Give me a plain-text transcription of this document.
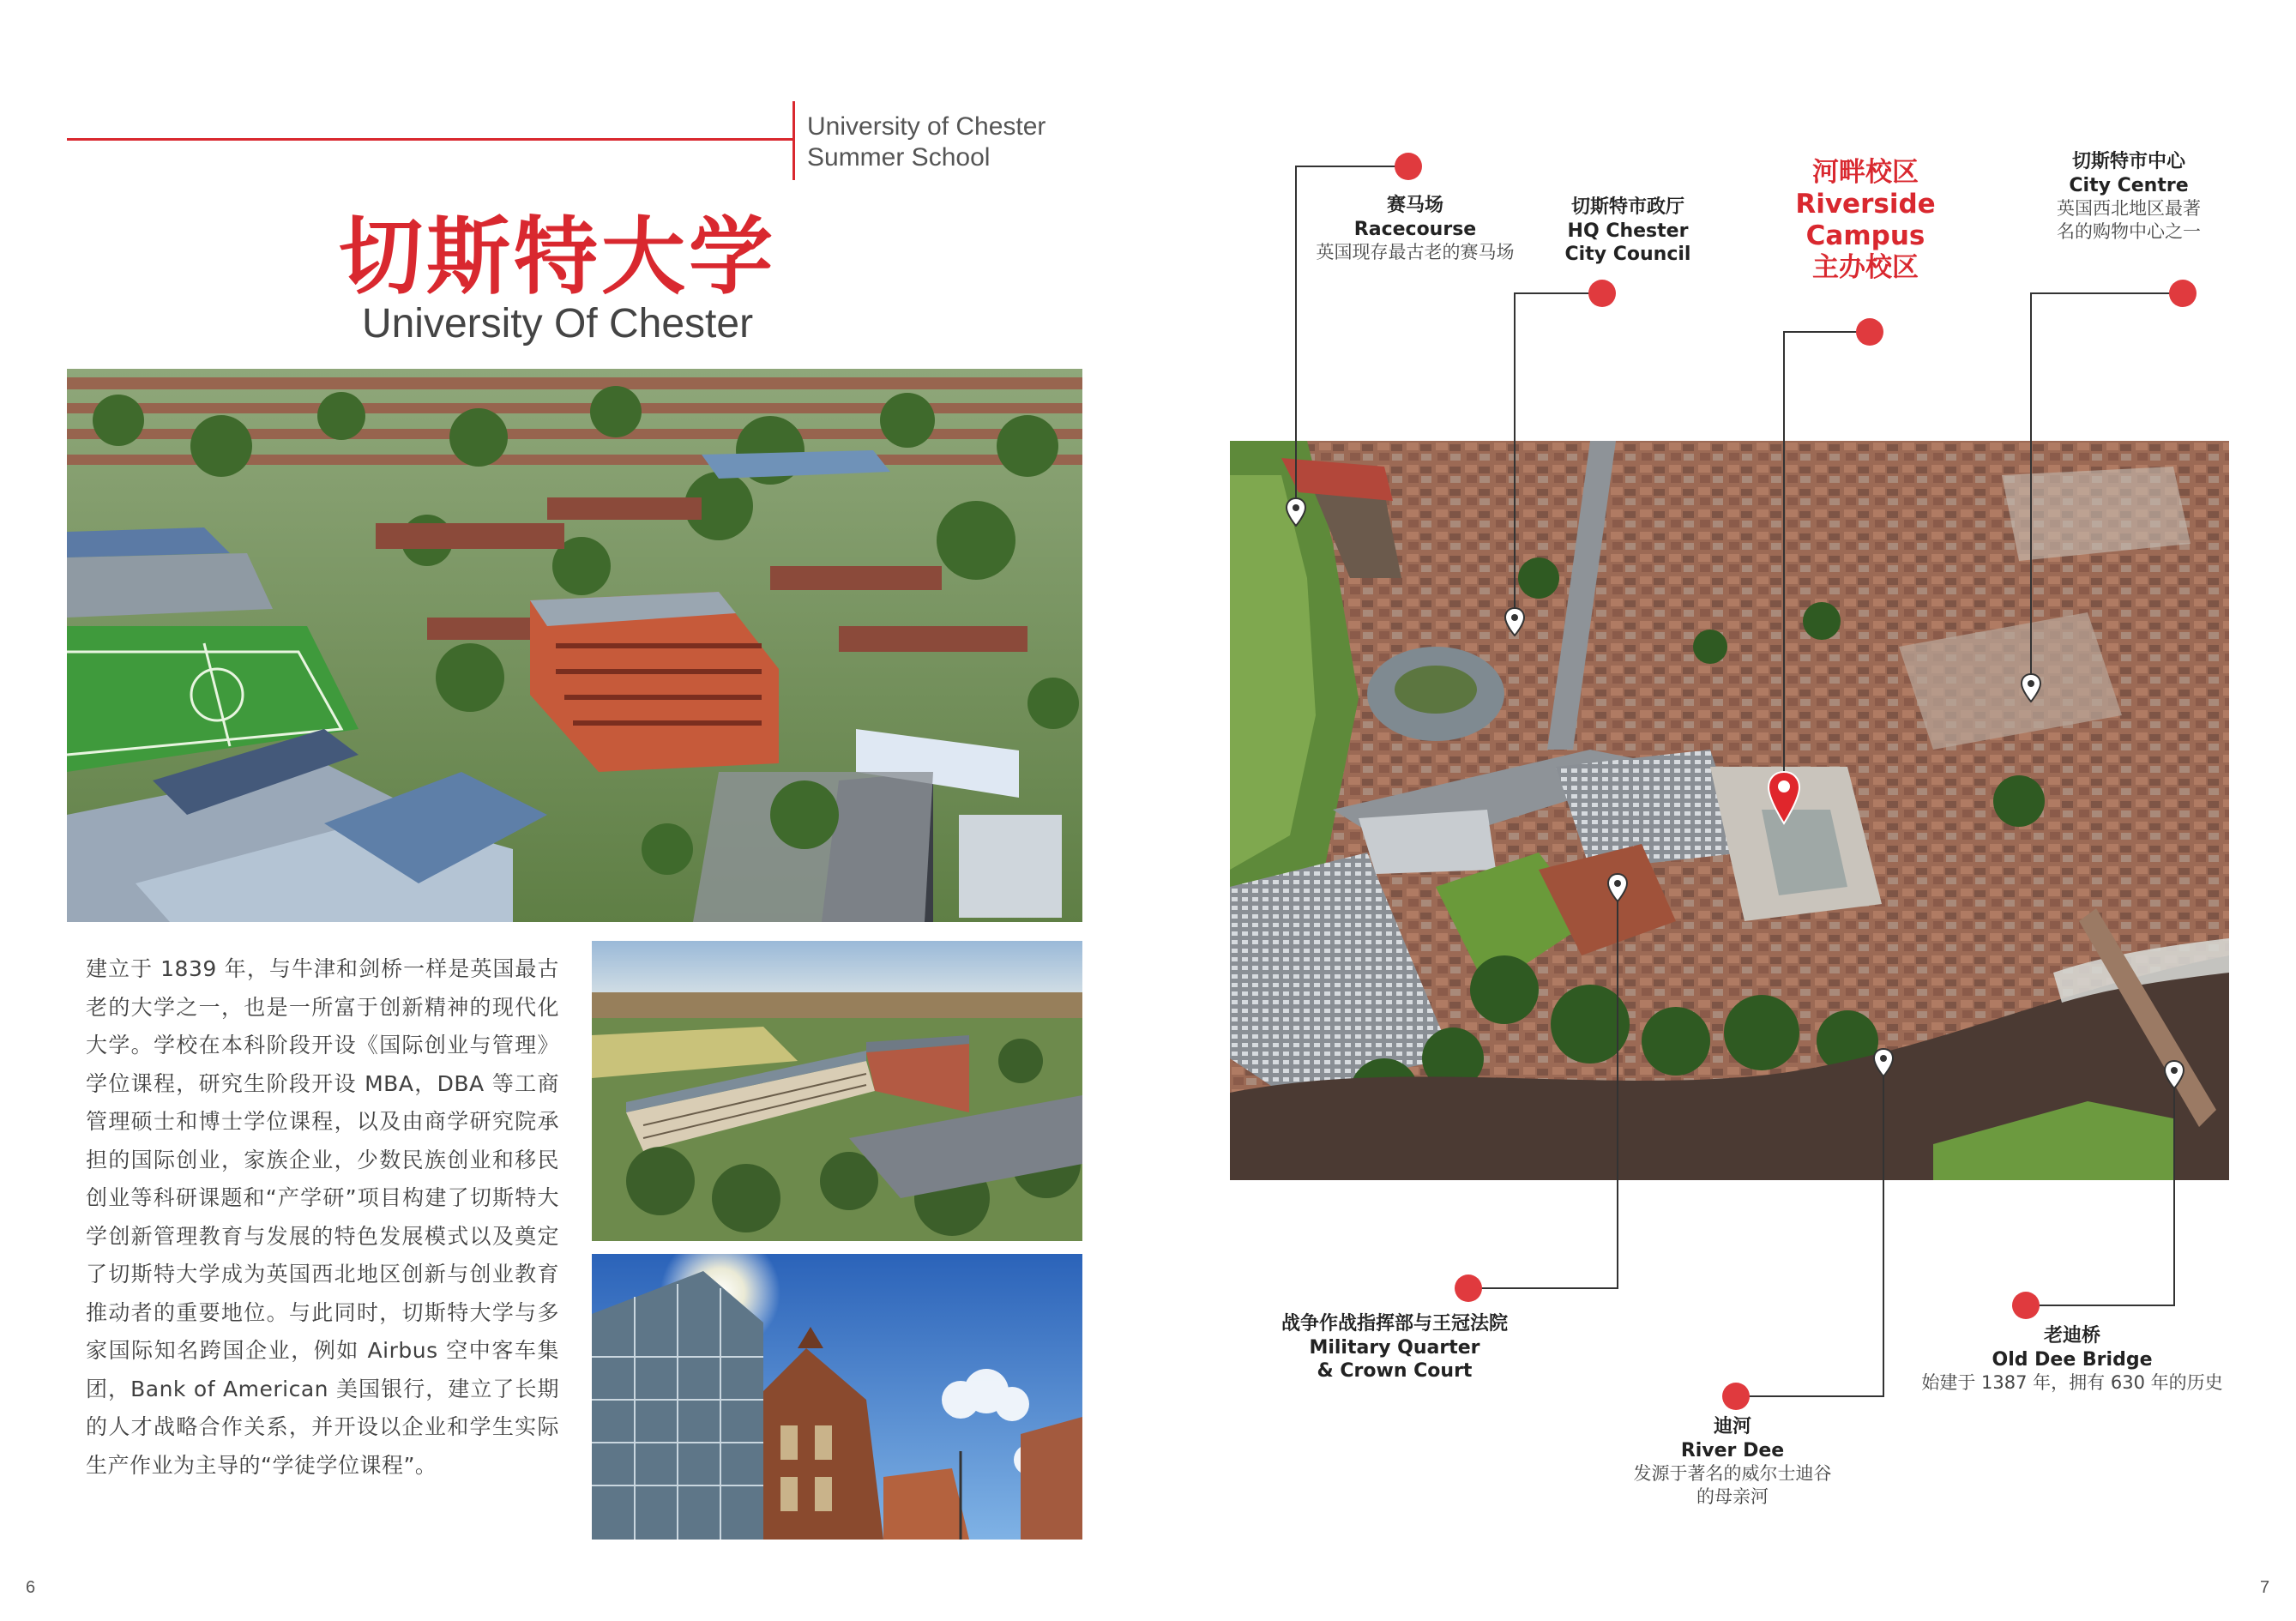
University of Chester
Summer School
切斯特大学
University Of Chester
建立于 1839 年，与牛津和剑桥一样是英国最古老的大学之一，也是一所富于创新精神的现代化大学。学校在本科阶段开设《国际创业与管理》学位课程，研究生阶段开设 MBA，DBA 等工商管理硕士和博士学位课程，以及由商学研究院承担的国际创业，家族企业，少数民族创业和移民创业等科研课题和“产学研”项目构建了切斯特大学创新管理教育与发展的特色发展模式以及奠定了切斯特大学成为英国西北地区创新与创业教育推动者的重要地位。与此同时，切斯特大学与多家国际知名跨国企业，例如 Airbus 空中客车集团，Bank of American 美国银行，建立了长期的人才战略合作关系，并开设以企业和学生实际生产作业为主导的“学徒学位课程”。
6
赛马场
Racecourse
英国现存最古老的赛马场
切斯特市政厅
HQ Chester
City Council
河畔校区
Riverside
Campus
主办校区
切斯特市中心
City Centre
英国西北地区最著
名的购物中心之一
战争作战指挥部与王冠法院
Military Quarter
& Crown Court
迪河
River Dee
发源于著名的威尔士迪谷
的母亲河
老迪桥
Old Dee Bridge
始建于 1387 年，拥有 630 年的历史
7
